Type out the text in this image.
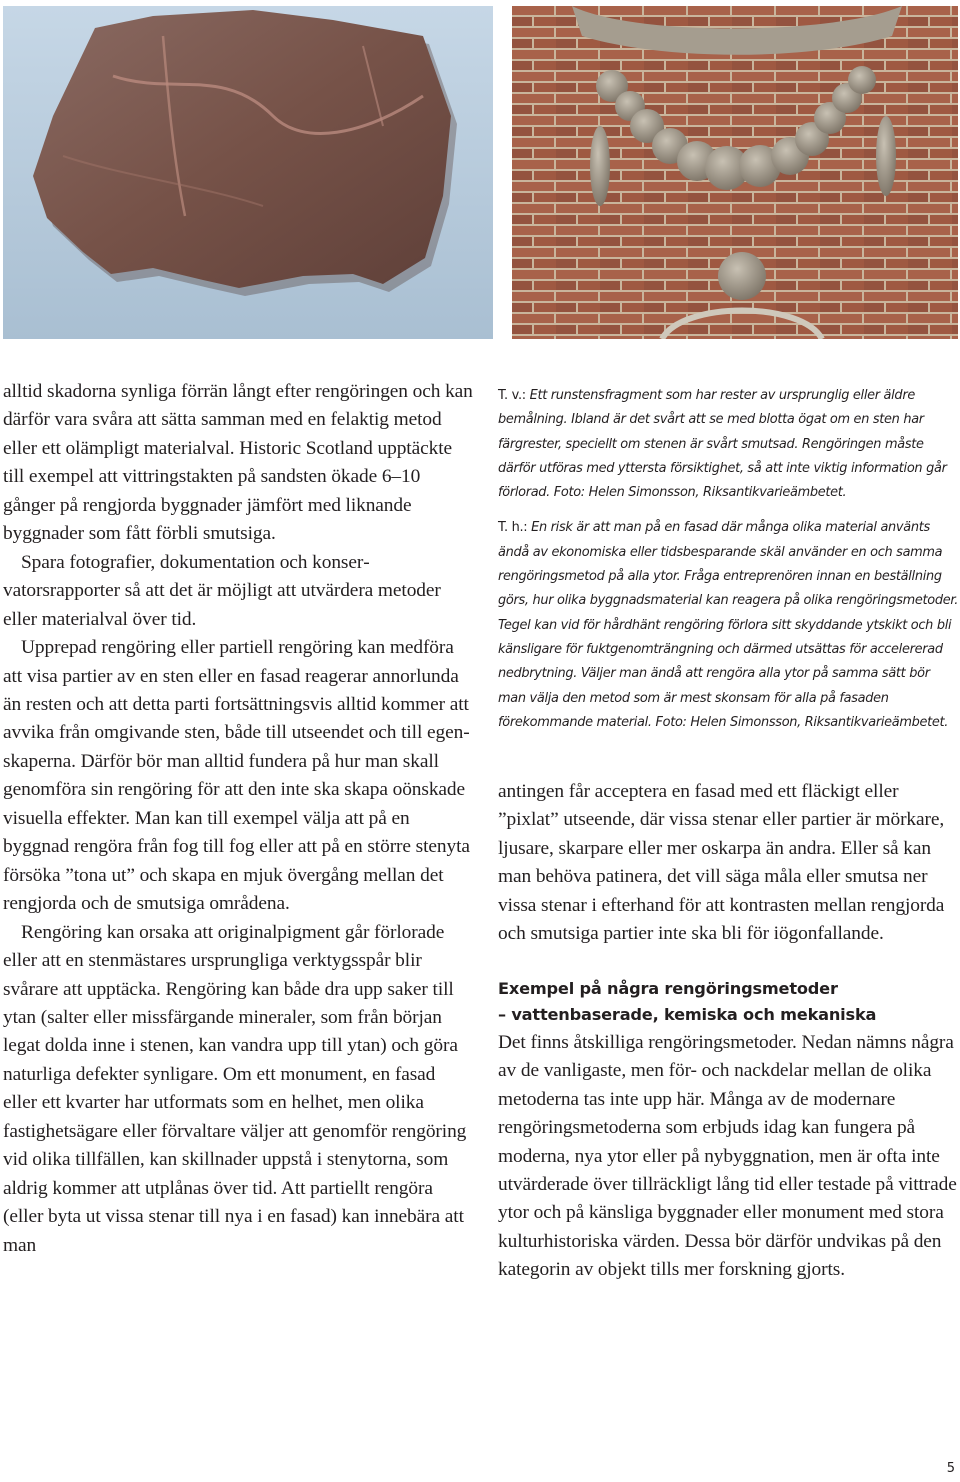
alltid skadorna synliga förrän långt efter rengöringen och kan därför vara svåra att sätta samman med en felaktig metod eller ett olämpligt materialval. Historic Scotland upptäckte till exempel att vittringstakten på sandsten ökade 6–10 gånger på rengjorda byggnader jämfört med liknande byggnader som fått förbli smutsiga.

Spara fotografier, dokumentation och konservatorsrapporter så att det är möjligt att utvärdera metoder eller materialval över tid.

Upprepad rengöring eller partiell rengöring kan medföra att visa partier av en sten eller en fasad reagerar annorlunda än resten och att detta parti fortsättningsvis alltid kommer att avvika från omgivande sten, både till utseendet och till egenskaperna. Därför bör man alltid fundera på hur man skall genomföra sin rengöring för att den inte ska skapa oönskade visuella effekter. Man kan till exempel välja att på en byggnad rengöra från fog till fog eller att på en större stenyta försöka ”tona ut” och skapa en mjuk övergång mellan det rengjorda och de smutsiga områdena.

Rengöring kan orsaka att originalpigment går förlorade eller att en stenmästares ursprungliga verktygsspår blir svårare att upptäcka. Rengöring kan både dra upp saker till ytan (salter eller missfärgande mineraler, som från början legat dolda inne i stenen, kan vandra upp till ytan) och göra naturliga defekter synligare. Om ett monument, en fasad eller ett kvarter har utformats som en helhet, men olika fastighetsägare eller förvaltare väljer att genomför rengöring vid olika tillfällen, kan skillnader uppstå i stenytorna, som aldrig kommer att utplånas över tid. Att partiellt rengöra (eller byta ut vissa stenar till nya i en fasad) kan innebära att man

T. v.: Ett runstensfragment som har rester av ursprunglig eller äldre bemålning. Ibland är det svårt att se med blotta ögat om en sten har färgrester, speciellt om stenen är svårt smutsad. Rengöringen måste därför utföras med yttersta försiktighet, så att inte viktig information går förlorad. Foto: Helen Simonsson, Riksantikvarieämbetet.

T. h.: En risk är att man på en fasad där många olika material använts ändå av ekonomiska eller tidsbesparande skäl använder en och samma rengöringsmetod på alla ytor. Fråga entreprenören innan en beställning görs, hur olika byggnadsmaterial kan reagera på olika rengöringsmetoder. Tegel kan vid för hårdhänt rengöring förlora sitt skyddande ytskikt och bli känsligare för fuktgenomträngning och därmed utsättas för accelererad nedbrytning. Väljer man ändå att rengöra alla ytor på samma sätt bör man välja den metod som är mest skonsam för alla på fasaden förekommande material. Foto: Helen Simonsson, Riksantikvarieämbetet.

antingen får acceptera en fasad med ett fläckigt eller ”pixlat” utseende, där vissa stenar eller partier är mörkare, ljusare, skarpare eller mer oskarpa än andra. Eller så kan man behöva patinera, det vill säga måla eller smutsa ner vissa stenar i efterhand för att kontrasten mellan rengjorda och smutsiga partier inte ska bli för iögonfallande.

Exempel på några rengöringsmetoder
– vattenbaserade, kemiska och mekaniska

Det finns åtskilliga rengöringsmetoder. Nedan nämns några av de vanligaste, men för- och nackdelar mellan de olika metoderna tas inte upp här. Många av de modernare rengöringsmetoderna som erbjuds idag kan fungera på moderna, nya ytor eller på nybyggnation, men är ofta inte utvärderade över tillräckligt lång tid eller testade på vittrade ytor och på känsliga byggnader eller monument med stora kulturhistoriska värden. Dessa bör därför undvikas på den kategorin av objekt tills mer forskning gjorts.

5
